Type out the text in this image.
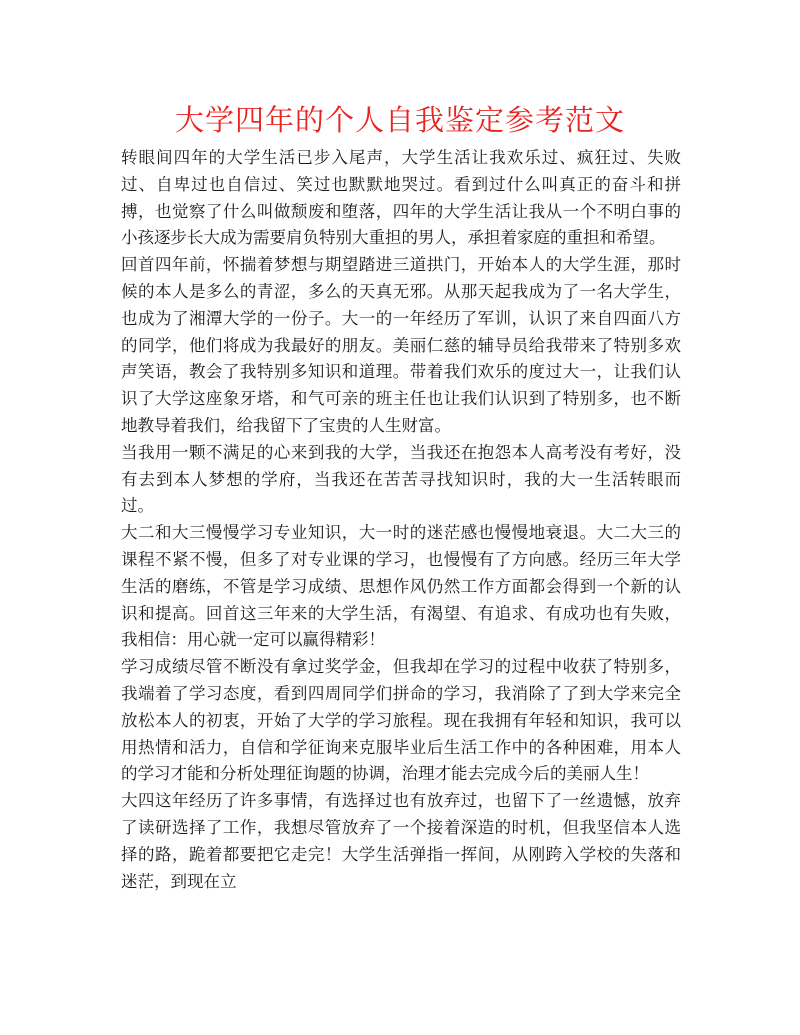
大学四年的个人自我鉴定参考范文

转眼间四年的大学生活已步入尾声，大学生活让我欢乐过、疯狂过、失败过、自卑过也自信过、笑过也默默地哭过。看到过什么叫真正的奋斗和拼搏，也觉察了什么叫做颓废和堕落，四年的大学生活让我从一个不明白事的小孩逐步长大成为需要肩负特别大重担的男人，承担着家庭的重担和希望。

回首四年前，怀揣着梦想与期望踏进三道拱门，开始本人的大学生涯，那时候的本人是多么的青涩，多么的天真无邪。从那天起我成为了一名大学生，也成为了湘潭大学的一份子。大一的一年经历了军训，认识了来自四面八方的同学，他们将成为我最好的朋友。美丽仁慈的辅导员给我带来了特别多欢声笑语，教会了我特别多知识和道理。带着我们欢乐的度过大一，让我们认识了大学这座象牙塔，和气可亲的班主任也让我们认识到了特别多，也不断地教导着我们，给我留下了宝贵的人生财富。

当我用一颗不满足的心来到我的大学，当我还在抱怨本人高考没有考好，没有去到本人梦想的学府，当我还在苦苦寻找知识时，我的大一生活转眼而过。

大二和大三慢慢学习专业知识，大一时的迷茫感也慢慢地衰退。大二大三的课程不紧不慢，但多了对专业课的学习，也慢慢有了方向感。经历三年大学生活的磨练，不管是学习成绩、思想作风仍然工作方面都会得到一个新的认识和提高。回首这三年来的大学生活，有渴望、有追求、有成功也有失败，我相信：用心就一定可以赢得精彩！

学习成绩尽管不断没有拿过奖学金，但我却在学习的过程中收获了特别多，我端着了学习态度，看到四周同学们拼命的学习，我消除了了到大学来完全放松本人的初衷，开始了大学的学习旅程。现在我拥有年轻和知识，我可以用热情和活力，自信和学征询来克服毕业后生活工作中的各种困难，用本人的学习才能和分析处理征询题的协调，治理才能去完成今后的美丽人生！

大四这年经历了许多事情，有选择过也有放弃过，也留下了一丝遗憾，放弃了读研选择了工作，我想尽管放弃了一个接着深造的时机，但我坚信本人选择的路，跪着都要把它走完！大学生活弹指一挥间，从刚跨入学校的失落和迷茫，到现在立
